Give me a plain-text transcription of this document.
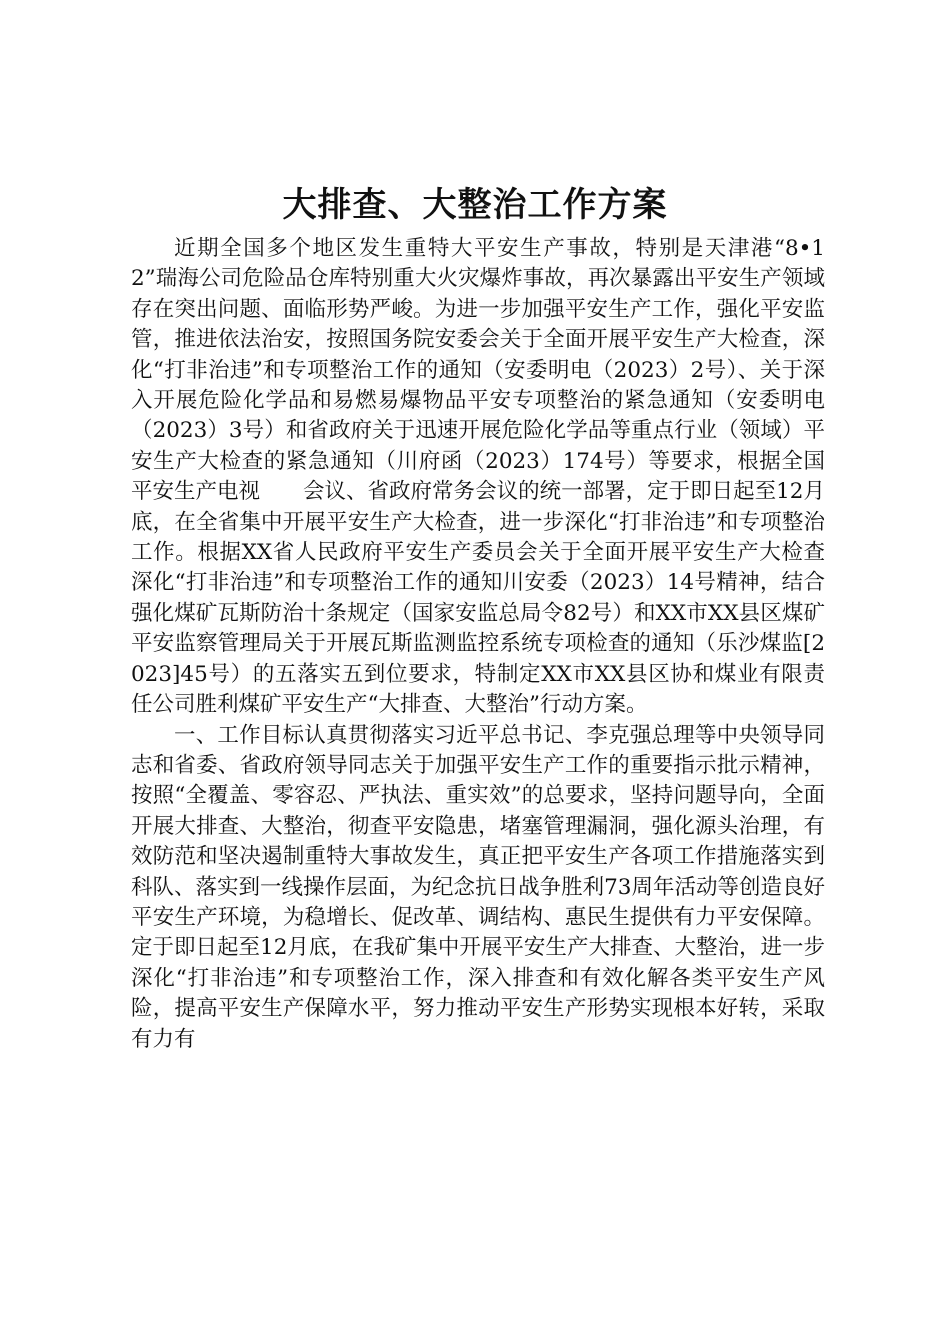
大排查、大整治工作方案

近期全国多个地区发生重特大平安生产事故，特别是天津港“8•12”瑞海公司危险品仓库特别重大火灾爆炸事故，再次暴露出平安生产领域存在突出问题、面临形势严峻。为进一步加强平安生产工作，强化平安监管，推进依法治安，按照国务院安委会关于全面开展平安生产大检查，深化“打非治违”和专项整治工作的通知（安委明电（2023）2号）、关于深入开展危险化学品和易燃易爆物品平安专项整治的紧急通知（安委明电（2023）3号）和省政府关于迅速开展危险化学品等重点行业（领域）平安生产大检查的紧急通知（川府函（2023）174号）等要求，根据全国平安生产电视　　会议、省政府常务会议的统一部署，定于即日起至12月底，在全省集中开展平安生产大检查，进一步深化“打非治违”和专项整治工作。根据XX省人民政府平安生产委员会关于全面开展平安生产大检查深化“打非治违”和专项整治工作的通知川安委（2023）14号精神，结合强化煤矿瓦斯防治十条规定（国家安监总局令82号）和XX市XX县区煤矿平安监察管理局关于开展瓦斯监测监控系统专项检查的通知（乐沙煤监[2023]45号）的五落实五到位要求，特制定XX市XX县区协和煤业有限责任公司胜利煤矿平安生产“大排查、大整治”行动方案。

一、工作目标认真贯彻落实习近平总书记、李克强总理等中央领导同志和省委、省政府领导同志关于加强平安生产工作的重要指示批示精神，按照“全覆盖、零容忍、严执法、重实效”的总要求，坚持问题导向，全面开展大排查、大整治，彻查平安隐患，堵塞管理漏洞，强化源头治理，有效防范和坚决遏制重特大事故发生，真正把平安生产各项工作措施落实到科队、落实到一线操作层面，为纪念抗日战争胜利73周年活动等创造良好平安生产环境，为稳增长、促改革、调结构、惠民生提供有力平安保障。定于即日起至12月底，在我矿集中开展平安生产大排查、大整治，进一步深化“打非治违”和专项整治工作，深入排查和有效化解各类平安生产风险，提高平安生产保障水平，努力推动平安生产形势实现根本好转，采取有力有
